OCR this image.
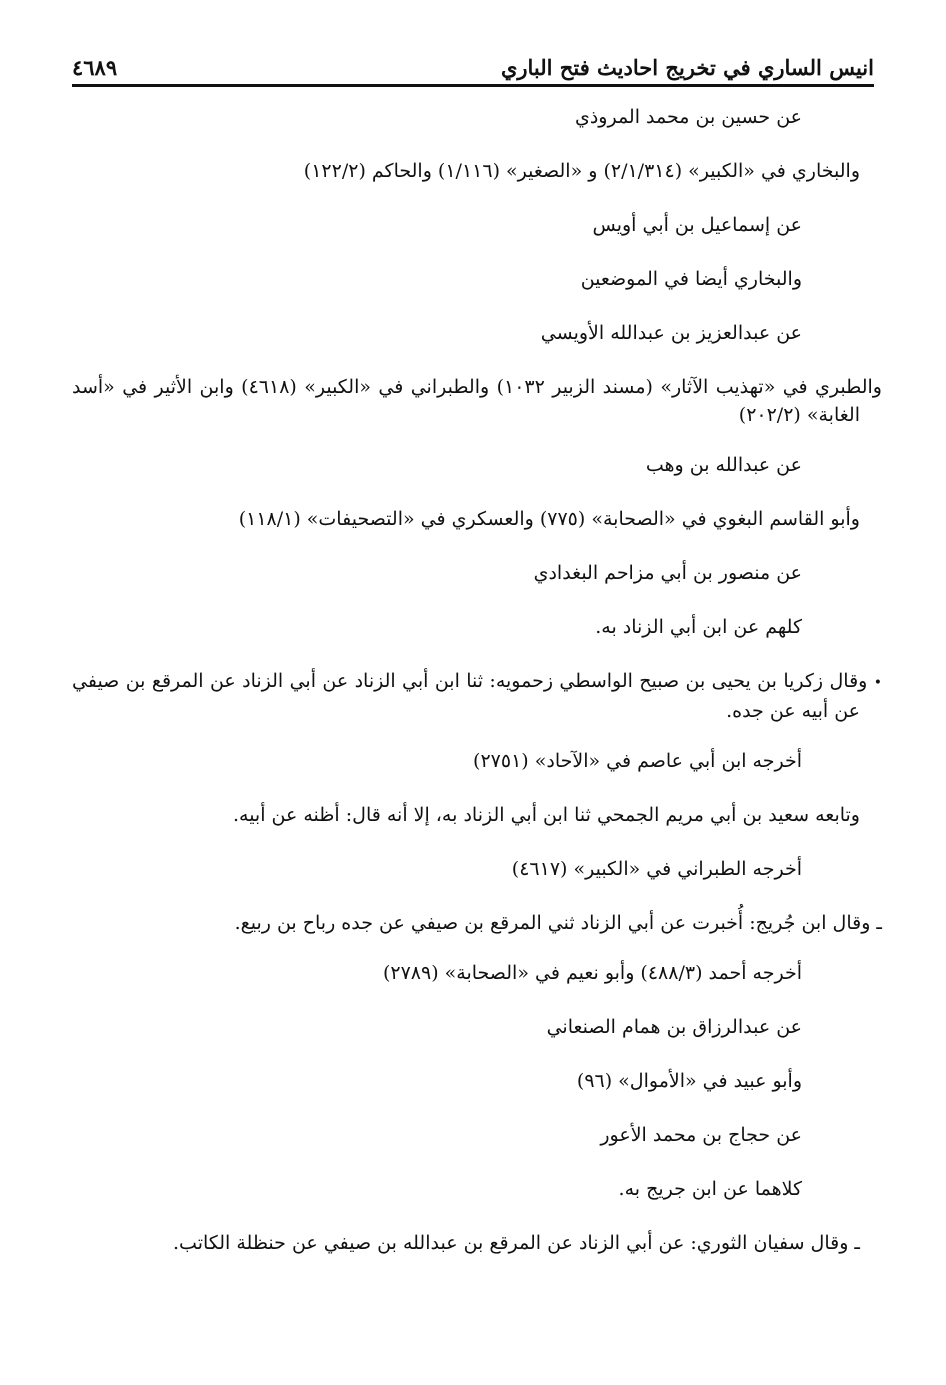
انيس الساري في تخريج احاديث فتح الباري
٤٦٨٩

عن حسين بن محمد المروذي

والبخاري في «الكبير» (٢/١/٣١٤) و «الصغير» (١/١١٦) والحاكم (١٢٢/٢)

عن إسماعيل بن أبي أويس

والبخاري أيضا في الموضعين

عن عبدالعزيز بن عبدالله الأويسي

والطبري في «تهذيب الآثار» (مسند الزبير ١٠٣٢) والطبراني في «الكبير» (٤٦١٨) وابن الأثير في «أسد الغابة» (٢٠٢/٢)

عن عبدالله بن وهب

وأبو القاسم البغوي في «الصحابة» (٧٧٥) والعسكري في «التصحيفات» (١١٨/١)

عن منصور بن أبي مزاحم البغدادي

كلهم عن ابن أبي الزناد به.

• وقال زكريا بن يحيى بن صبيح الواسطي زحمويه: ثنا ابن أبي الزناد عن أبي الزناد عن المرقع بن صيفي عن أبيه عن جده.

أخرجه ابن أبي عاصم في «الآحاد» (٢٧٥١)

وتابعه سعيد بن أبي مريم الجمحي ثنا ابن أبي الزناد به، إلا أنه قال: أظنه عن أبيه.

أخرجه الطبراني في «الكبير» (٤٦١٧)

ـ وقال ابن جُريج: أُخبرت عن أبي الزناد ثني المرقع بن صيفي عن جده رباح بن ربيع.

أخرجه أحمد (٤٨٨/٣) وأبو نعيم في «الصحابة» (٢٧٨٩)

عن عبدالرزاق بن همام الصنعاني

وأبو عبيد في «الأموال» (٩٦)

عن حجاج بن محمد الأعور

كلاهما عن ابن جريج به.

ـ وقال سفيان الثوري: عن أبي الزناد عن المرقع بن عبدالله بن صيفي عن حنظلة الكاتب.
